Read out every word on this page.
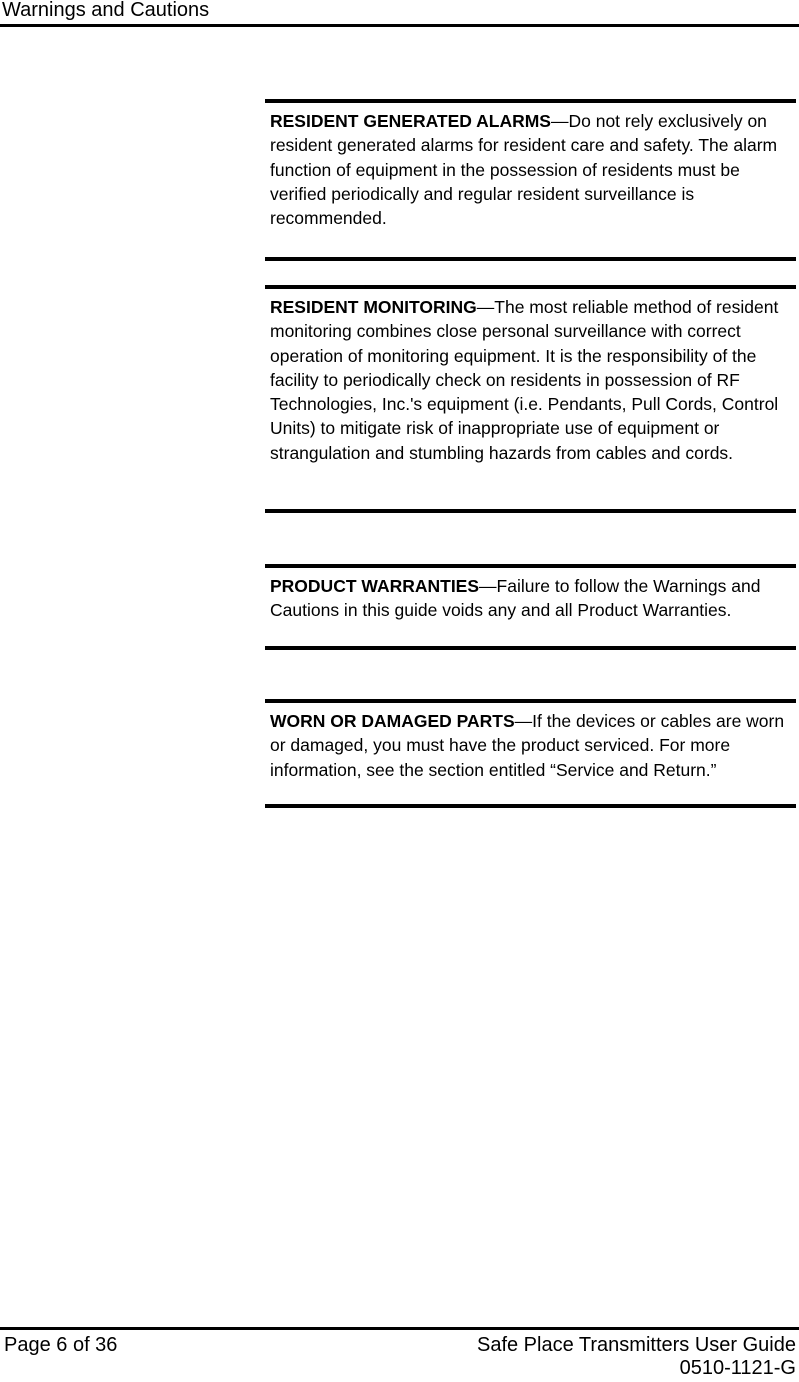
Warnings and Cautions
RESIDENT GENERATED ALARMS—Do not rely exclusively on resident generated alarms for resident care and safety. The alarm function of equipment in the possession of residents must be verified periodically and regular resident surveillance is recommended.
RESIDENT MONITORING—The most reliable method of resident monitoring combines close personal surveillance with correct operation of monitoring equipment. It is the responsibility of the facility to periodically check on residents in possession of RF Technologies, Inc.'s equipment (i.e. Pendants, Pull Cords, Control Units) to mitigate risk of inappropriate use of equipment or strangulation and stumbling hazards from cables and cords.
PRODUCT WARRANTIES—Failure to follow the Warnings and Cautions in this guide voids any and all Product Warranties.
WORN OR DAMAGED PARTS—If the devices or cables are worn or damaged, you must have the product serviced. For more information, see the section entitled “Service and Return.”
Page 6 of 36	Safe Place Transmitters User Guide
0510-1121-G
